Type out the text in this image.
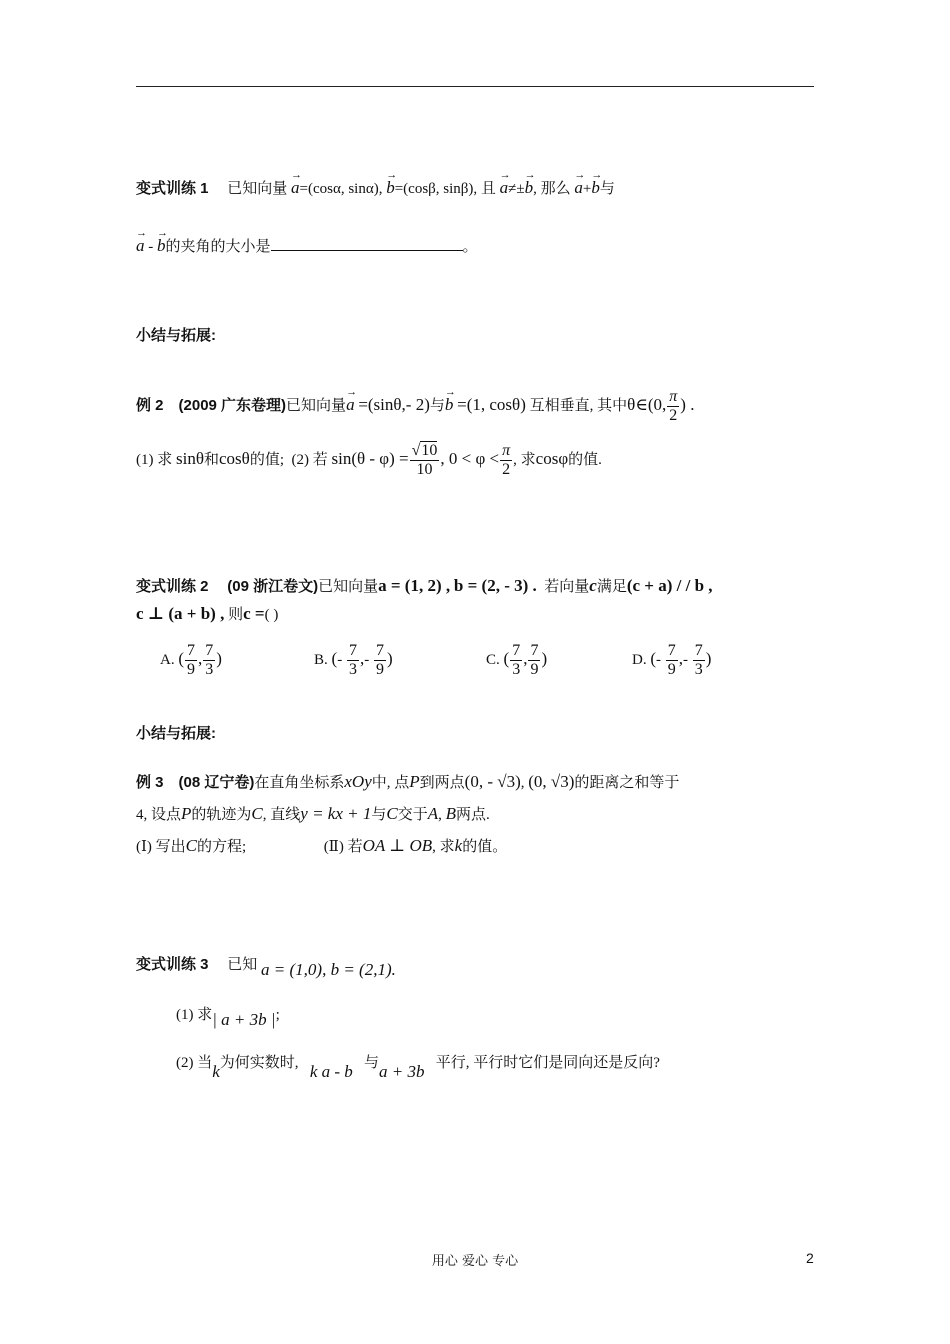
变式训练 1 已知向量 → a=(cosα, sinα), → b=(cosβ, sinβ), 且 → a≠±→ b, 那么 → a+→ b与
→ a - → b的夹角的大小是	。
小结与拓展:
例 2 (2009 广东卷理)已知向量→ a =(sinθ,- 2)与→ b =(1, cosθ) 互相垂直, 其中θ∈(0, $\frac{\pi}{2}$ ) .
(1) 求 sinθ和cosθ的值; (2) 若 $\sin(\theta - \varphi) = \frac{√10}{10}$ , $0 < \varphi < \frac{\pi}{2}$ , 求cosφ的值.
变式训练 2 (09 浙江卷文)已知向量a = (1, 2) , b = (2, - 3) . 若向量c满足(c + a) / / b ,
c ⊥ (a + b) , 则c =( )
A. ( $\frac{7}{9}$ , $\frac{7}{3}$ )	B. (- $\frac{7}{3}$ ,- $\frac{7}{9}$ )	C. ( $\frac{7}{3}$ , $\frac{7}{9}$ )	D. (- $\frac{7}{9}$ ,- $\frac{7}{3}$ )
小结与拓展:
例 3 (08 辽宁卷)在直角坐标系xOy中, 点P到两点(0, - √3), (0, √3)的距离之和等于
4, 设点P的轨迹为C, 直线y = kx + 1与C交于A, B两点.
(Ⅰ) 写出C的方程;	(Ⅱ) 若OA ⊥ OB, 求k的值。
变式训练 3 已知 a = (1,0), b = (2,1).
(1) 求| a + 3b |;
(2) 当k为何实数时, k a - b 与a + 3b 平行, 平行时它们是同向还是反向?
用心 爱心 专心	2
